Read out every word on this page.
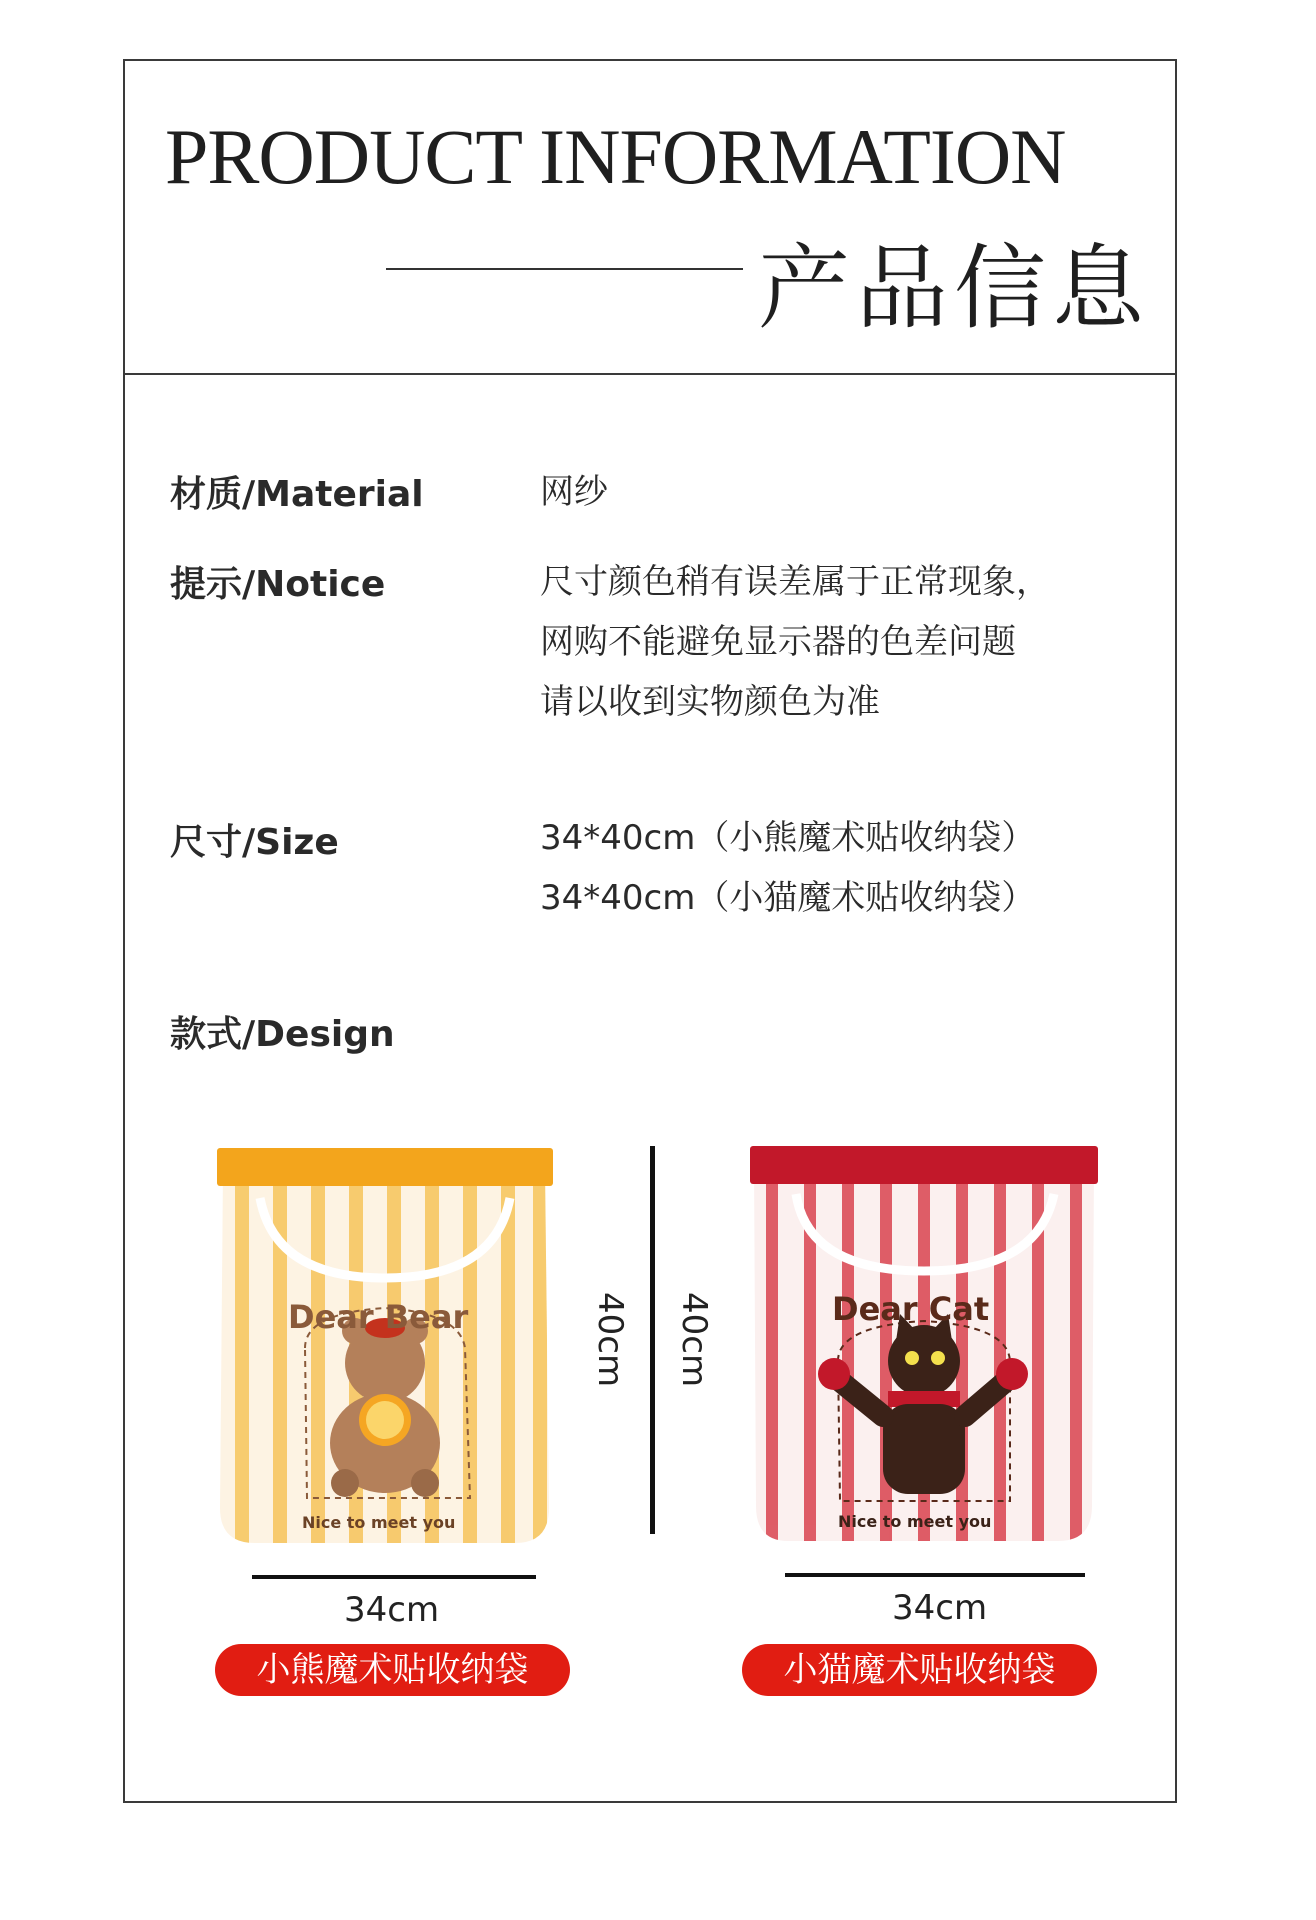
PRODUCT INFORMATION
产品信息
材质/Material	网纱
提示/Notice	尺寸颜色稍有误差属于正常现象，
网购不能避免显示器的色差问题
请以收到实物颜色为准
尺寸/Size	34*40cm（小熊魔术贴收纳袋）
34*40cm（小猫魔术贴收纳袋）
款式/Design
Dear Bear
Nice to meet you
Dear Cat
Nice to meet you
40cm 40cm
34cm	34cm
小熊魔术贴收纳袋	小猫魔术贴收纳袋
